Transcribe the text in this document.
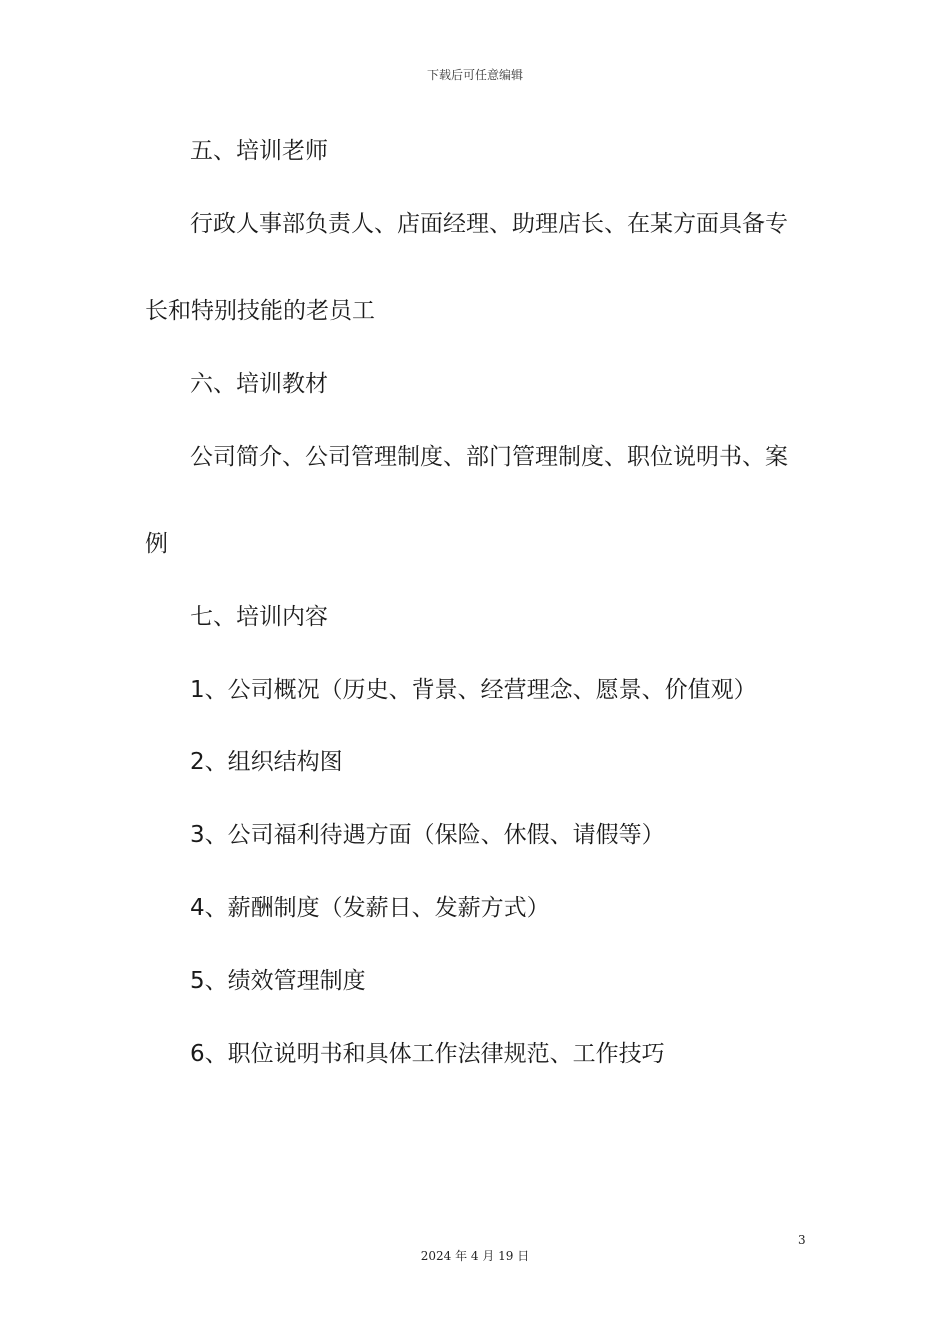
下载后可任意编辑
五、培训老师
行政人事部负责人、店面经理、助理店长、在某方面具备专
长和特别技能的老员工
六、培训教材
公司简介、公司管理制度、部门管理制度、职位说明书、案
例
七、培训内容
1、公司概况（历史、背景、经营理念、愿景、价值观）
2、组织结构图
3、公司福利待遇方面（保险、休假、请假等）
4、薪酬制度（发薪日、发薪方式）
5、绩效管理制度
6、职位说明书和具体工作法律规范、工作技巧
3
2024 年 4 月 19 日
